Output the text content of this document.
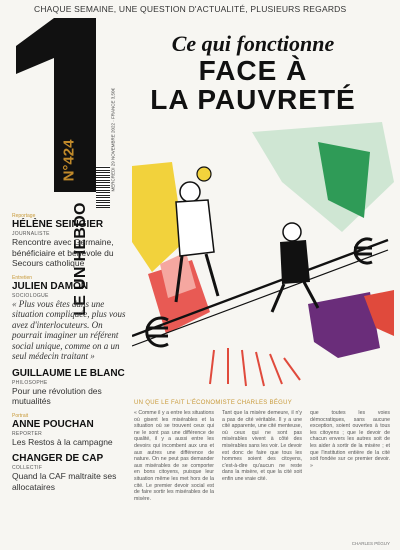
CHAQUE SEMAINE, UNE QUESTION D'ACTUALITÉ, PLUSIEURS REGARDS
LE UN HEBDO
N°424	MERCREDI 29 NOVEMBRE 2022 · FRANCE 3,50€
Ce qui fonctionne
FACE À
LA PAUVRETÉ
Reportage
HÉLÈNE SEINGIER
JOURNALISTE
Rencontre avec Germaine, bénéficiaire et bénévole du Secours catholique
Entretien
JULIEN DAMON
SOCIOLOGUE
« Plus vous êtes dans une situation compliquée, plus vous avez d'interlocuteurs. On pourrait imaginer un référent social unique, comme on a un seul médecin traitant »
GUILLAUME LE BLANC
PHILOSOPHE
Pour une révolution des mutualités
Portrait
ANNE POUCHAN
REPORTER
Les Restos à la campagne
CHANGER DE CAP
COLLECTIF
Quand la CAF maltraite ses allocataires
UN QUE LE FAIT L'ÉCONOMISTE CHARLES BÉGUY
« Comme il y a entre les situations où gisent les misérables et la situation où se trouvent ceux qui ne le sont pas une différence de qualité, il y a aussi entre les devoirs qui incombent aux uns et aux autres une différence de nature. On ne peut pas demander aux misérables de se comporter en bons citoyens, puisque leur situation même les met hors de la cité. Le premier devoir social est de faire sortir les misérables de la misère.
Tant que la misère demeure, il n'y a pas de cité véritable. Il y a une cité apparente, une cité menteuse, où ceux qui ne sont pas misérables vivent à côté des misérables sans les voir. Le devoir est donc de faire que tous les hommes soient des citoyens, c'est-à-dire qu'aucun ne reste dans la misère, et que la cité soit enfin une vraie cité.
que toutes les voies démocratiques, sans aucune exception, soient ouvertes à tous les citoyens ; que le devoir de chacun envers les autres soit de les aider à sortir de la misère ; et que l'institution entière de la cité soit fondée sur ce premier devoir. »
CHARLES PÉGUY
